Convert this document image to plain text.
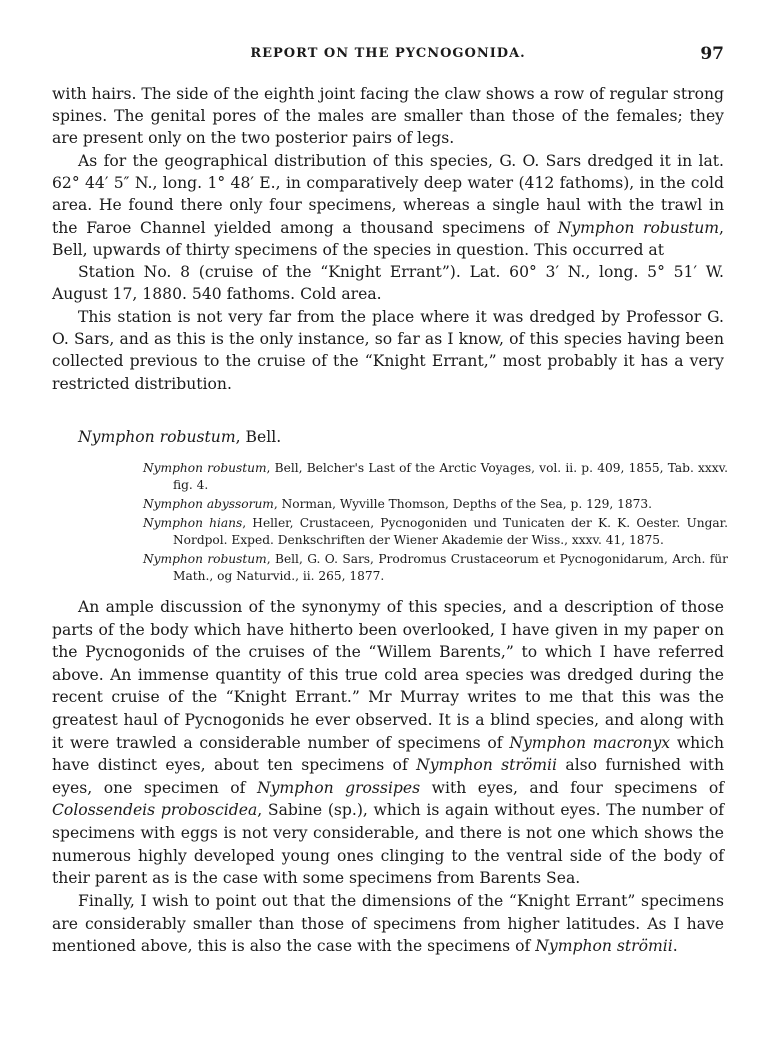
REPORT ON THE PYCNOGONIDA.	97

with hairs. The side of the eighth joint facing the claw shows a row of regular strong spines. The genital pores of the males are smaller than those of the females; they are present only on the two posterior pairs of legs.

As for the geographical distribution of this species, G. O. Sars dredged it in lat. 62° 44′ 5″ N., long. 1° 48′ E., in comparatively deep water (412 fathoms), in the cold area. He found there only four specimens, whereas a single haul with the trawl in the Faroe Channel yielded among a thousand specimens of Nymphon robustum, Bell, upwards of thirty specimens of the species in question. This occurred at

Station No. 8 (cruise of the “Knight Errant”). Lat. 60° 3′ N., long. 5° 51′ W. August 17, 1880. 540 fathoms. Cold area.

This station is not very far from the place where it was dredged by Professor G. O. Sars, and as this is the only instance, so far as I know, of this species having been collected previous to the cruise of the “Knight Errant,” most probably it has a very restricted distribution.

Nymphon robustum, Bell.

Nymphon robustum, Bell, Belcher's Last of the Arctic Voyages, vol. ii. p. 409, 1855, Tab. xxxv. fig. 4.
Nymphon abyssorum, Norman, Wyville Thomson, Depths of the Sea, p. 129, 1873.
Nymphon hians, Heller, Crustaceen, Pycnogoniden und Tunicaten der K. K. Oester. Ungar. Nordpol. Exped. Denkschriften der Wiener Akademie der Wiss., xxxv. 41, 1875.
Nymphon robustum, Bell, G. O. Sars, Prodromus Crustaceorum et Pycnogonidarum, Arch. für Math., og Naturvid., ii. 265, 1877.

An ample discussion of the synonymy of this species, and a description of those parts of the body which have hitherto been overlooked, I have given in my paper on the Pycnogonids of the cruises of the “Willem Barents,” to which I have referred above. An immense quantity of this true cold area species was dredged during the recent cruise of the “Knight Errant.” Mr Murray writes to me that this was the greatest haul of Pycnogonids he ever observed. It is a blind species, and along with it were trawled a considerable number of specimens of Nymphon macronyx which have distinct eyes, about ten specimens of Nymphon strömii also furnished with eyes, one specimen of Nymphon grossipes with eyes, and four specimens of Colossendeis proboscidea, Sabine (sp.), which is again without eyes. The number of specimens with eggs is not very considerable, and there is not one which shows the numerous highly developed young ones clinging to the ventral side of the body of their parent as is the case with some specimens from Barents Sea.

Finally, I wish to point out that the dimensions of the “Knight Errant” specimens are considerably smaller than those of specimens from higher latitudes. As I have mentioned above, this is also the case with the specimens of Nymphon strömii.
